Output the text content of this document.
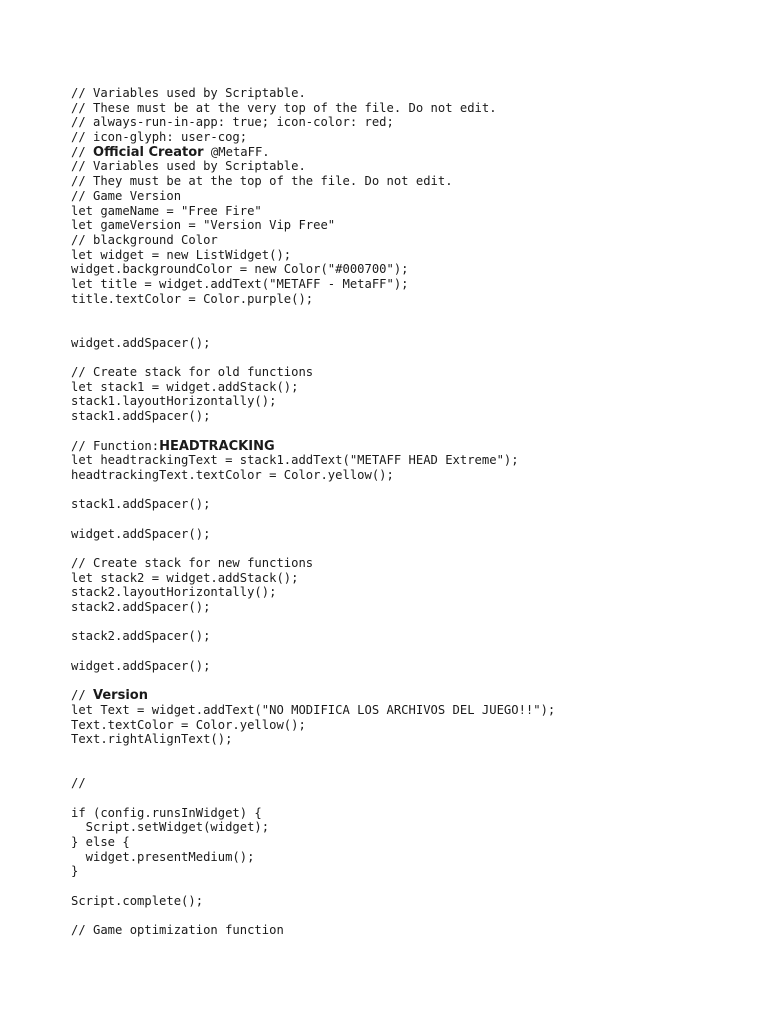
// Variables used by Scriptable.
// These must be at the very top of the file. Do not edit.
// always-run-in-app: true; icon-color: red;
// icon-glyph: user-cog;
// Official Creator @MetaFF.
// Variables used by Scriptable.
// They must be at the top of the file. Do not edit.
// Game Version
let gameName = "Free Fire"
let gameVersion = "Version Vip Free"
// blackground Color
let widget = new ListWidget();
widget.backgroundColor = new Color("#000700");
let title = widget.addText("METAFF - MetaFF");
title.textColor = Color.purple();
widget.addSpacer();
// Create stack for old functions
let stack1 = widget.addStack();
stack1.layoutHorizontally();
stack1.addSpacer();
// Function:HEADTRACKING
let headtrackingText = stack1.addText("METAFF HEAD Extreme");
headtrackingText.textColor = Color.yellow();
stack1.addSpacer();
widget.addSpacer();
// Create stack for new functions
let stack2 = widget.addStack();
stack2.layoutHorizontally();
stack2.addSpacer();
stack2.addSpacer();
widget.addSpacer();
// Version
let Text = widget.addText("NO MODIFICA LOS ARCHIVOS DEL JUEGO!!");
Text.textColor = Color.yellow();
Text.rightAlignText();
//
if (config.runsInWidget) {
Script.setWidget(widget);
} else {
widget.presentMedium();
}
Script.complete();
// Game optimization function
